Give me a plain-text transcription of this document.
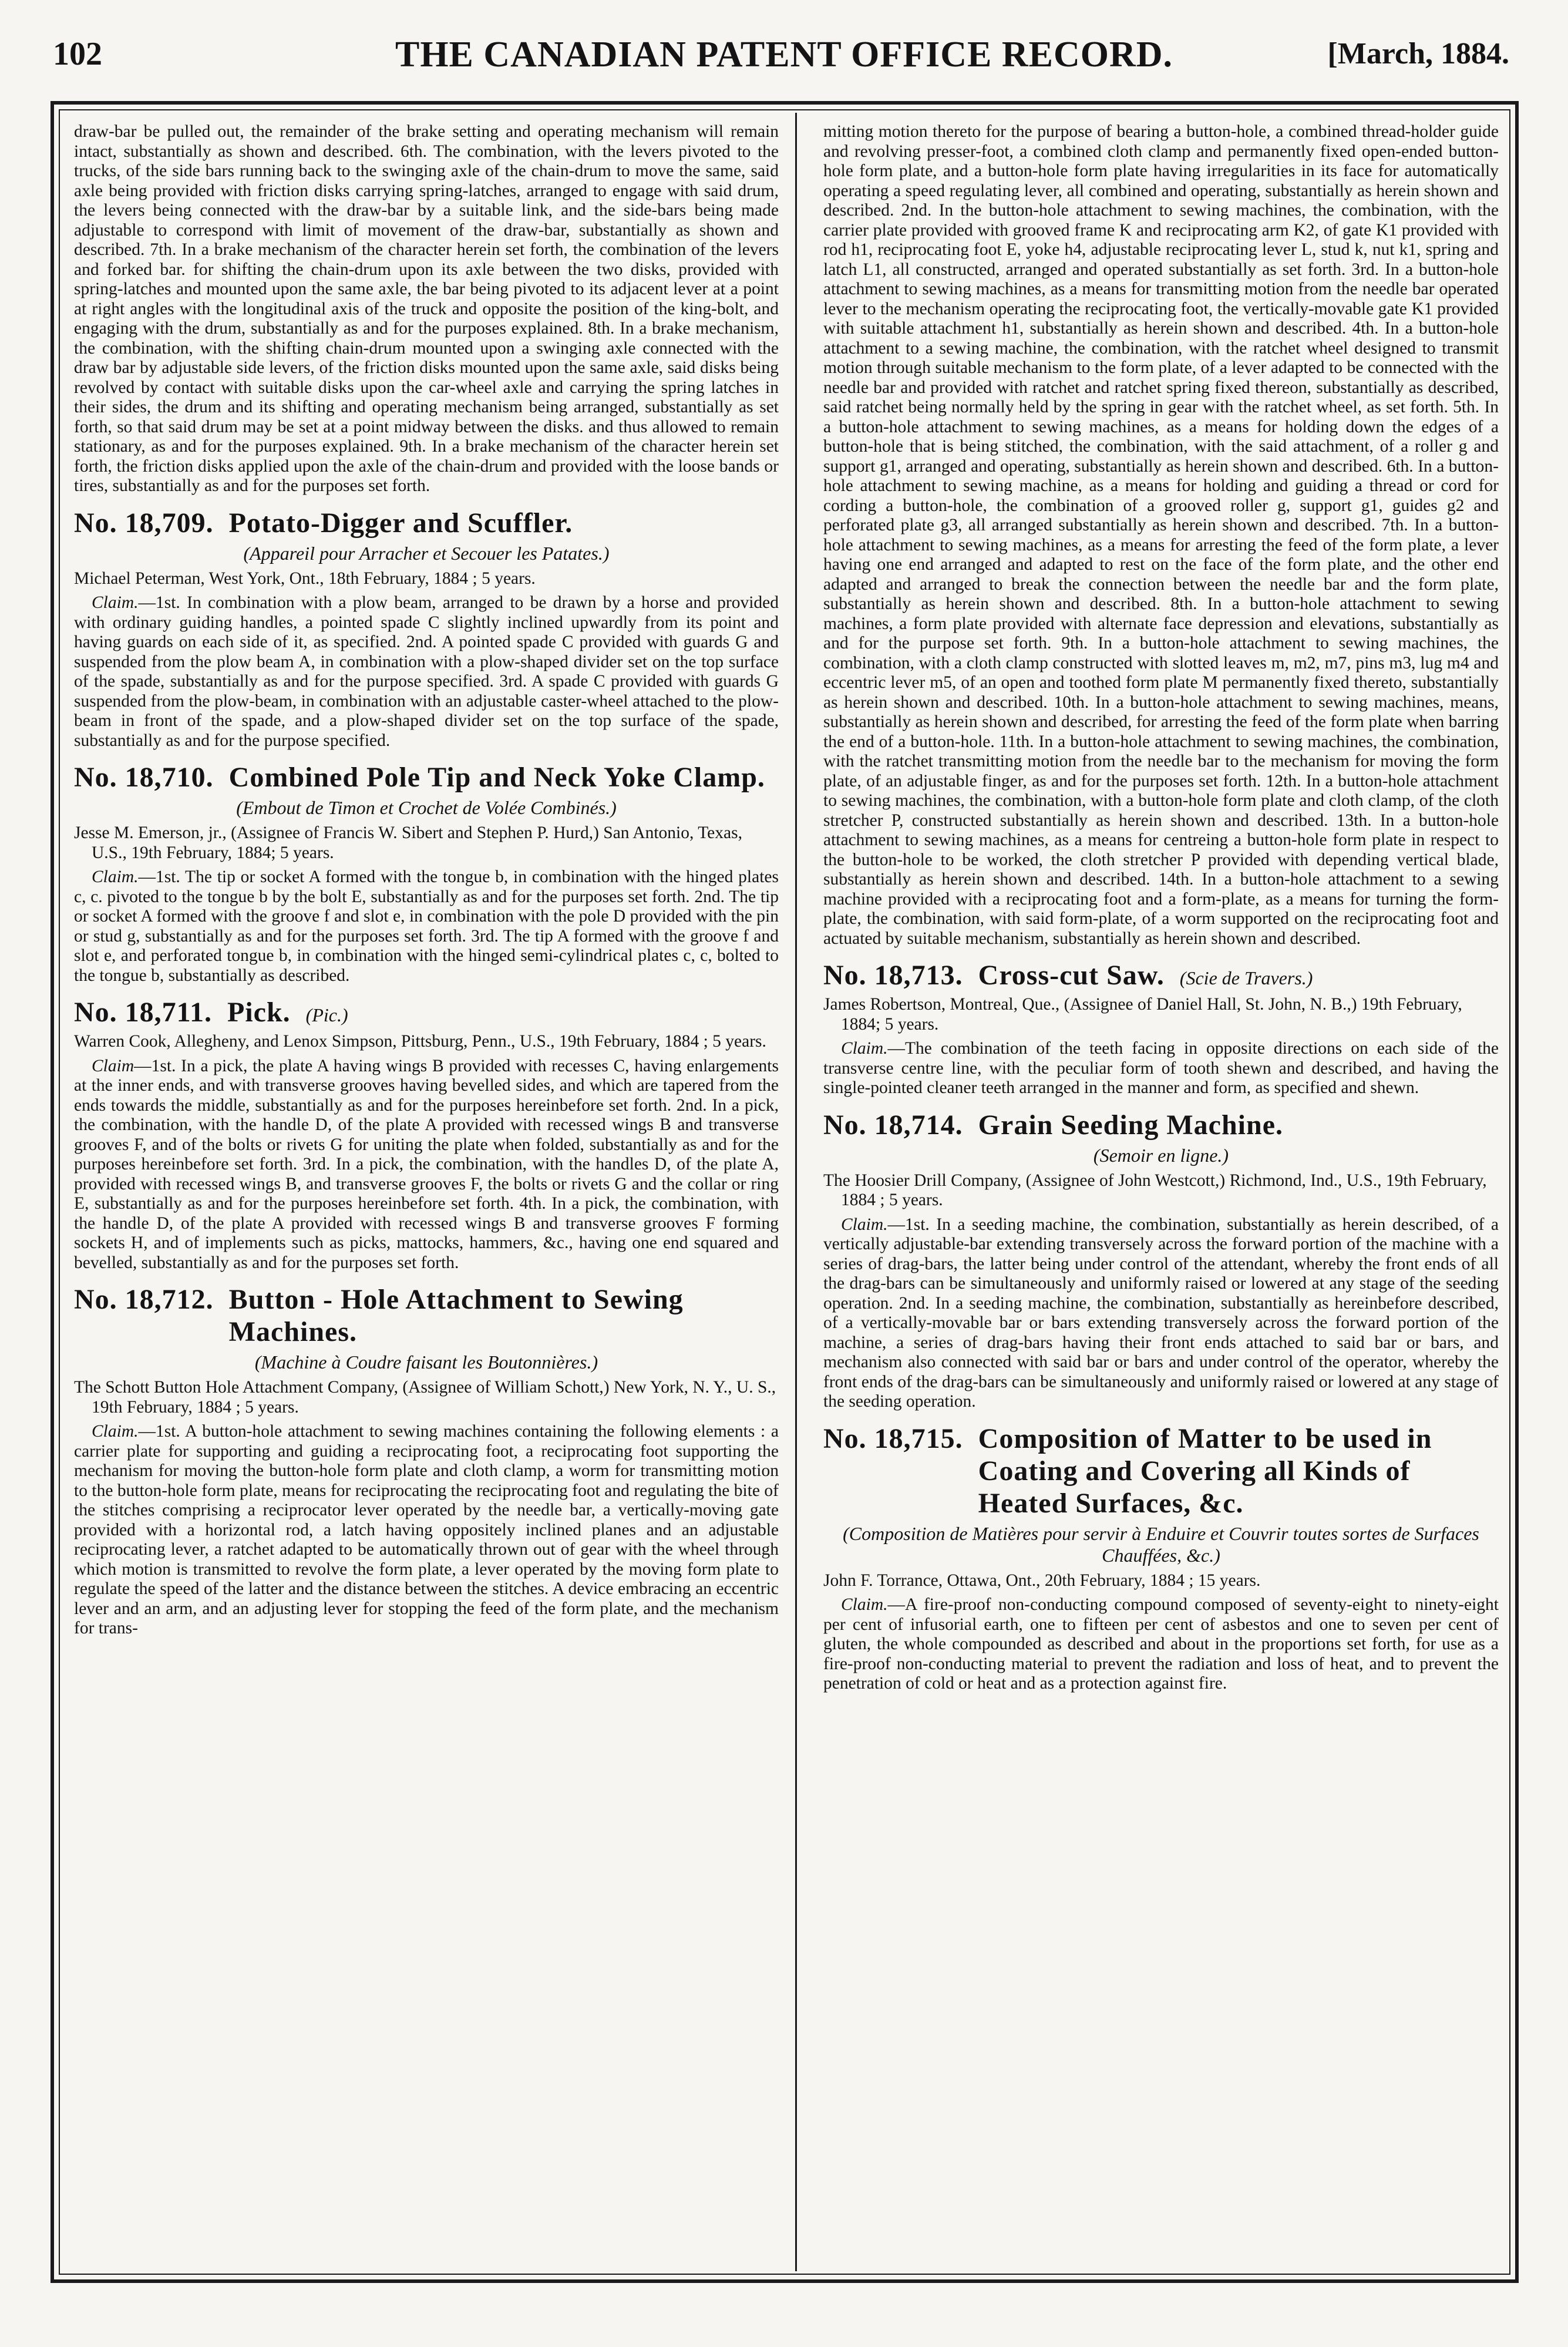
102	THE CANADIAN PATENT OFFICE RECORD.	[March, 1884.

draw-bar be pulled out, the remainder of the brake setting and operating mechanism will remain intact, substantially as shown and described. 6th. The combination, with the levers pivoted to the trucks, of the side bars running back to the swinging axle of the chain-drum to move the same, said axle being provided with friction disks carrying spring-latches, arranged to engage with said drum, the levers being connected with the draw-bar by a suitable link, and the side-bars being made adjustable to correspond with limit of movement of the draw-bar, substantially as shown and described. 7th. In a brake mechanism of the character herein set forth, the combination of the levers and forked bar. for shifting the chain-drum upon its axle between the two disks, provided with spring-latches and mounted upon the same axle, the bar being pivoted to its adjacent lever at a point at right angles with the longitudinal axis of the truck and opposite the position of the king-bolt, and engaging with the drum, substantially as and for the purposes explained. 8th. In a brake mechanism, the combination, with the shifting chain-drum mounted upon a swinging axle connected with the draw bar by adjustable side levers, of the friction disks mounted upon the same axle, said disks being revolved by contact with suitable disks upon the car-wheel axle and carrying the spring latches in their sides, the drum and its shifting and operating mechanism being arranged, substantially as set forth, so that said drum may be set at a point midway between the disks. and thus allowed to remain stationary, as and for the purposes explained. 9th. In a brake mechanism of the character herein set forth, the friction disks applied upon the axle of the chain-drum and provided with the loose bands or tires, substantially as and for the purposes set forth.

No. 18,709. Potato-Digger and Scuffler.
(Appareil pour Arracher et Secouer les Patates.)
Michael Peterman, West York, Ont., 18th February, 1884 ; 5 years.

Claim.—1st. In combination with a plow beam, arranged to be drawn by a horse and provided with ordinary guiding handles, a pointed spade C slightly inclined upwardly from its point and having guards on each side of it, as specified. 2nd. A pointed spade C provided with guards G and suspended from the plow beam A, in combination with a plow-shaped divider set on the top surface of the spade, substantially as and for the purpose specified. 3rd. A spade C provided with guards G suspended from the plow-beam, in combination with an adjustable caster-wheel attached to the plow-beam in front of the spade, and a plow-shaped divider set on the top surface of the spade, substantially as and for the purpose specified.

No. 18,710. Combined Pole Tip and Neck Yoke Clamp.
(Embout de Timon et Crochet de Volée Combinés.)
Jesse M. Emerson, jr., (Assignee of Francis W. Sibert and Stephen P. Hurd,) San Antonio, Texas, U.S., 19th February, 1884; 5 years.

Claim.—1st. The tip or socket A formed with the tongue b, in combination with the hinged plates c, c. pivoted to the tongue b by the bolt E, substantially as and for the purposes set forth. 2nd. The tip or socket A formed with the groove f and slot e, in combination with the pole D provided with the pin or stud g, substantially as and for the purposes set forth. 3rd. The tip A formed with the groove f and slot e, and perforated tongue b, in combination with the hinged semi-cylindrical plates c, c, bolted to the tongue b, substantially as described.

No. 18,711. Pick. (Pic.)
Warren Cook, Allegheny, and Lenox Simpson, Pittsburg, Penn., U.S., 19th February, 1884 ; 5 years.

Claim—1st. In a pick, the plate A having wings B provided with recesses C, having enlargements at the inner ends, and with transverse grooves having bevelled sides, and which are tapered from the ends towards the middle, substantially as and for the purposes hereinbefore set forth. 2nd. In a pick, the combination, with the handle D, of the plate A provided with recessed wings B and transverse grooves F, and of the bolts or rivets G for uniting the plate when folded, substantially as and for the purposes hereinbefore set forth. 3rd. In a pick, the combination, with the handles D, of the plate A, provided with recessed wings B, and transverse grooves F, the bolts or rivets G and the collar or ring E, substantially as and for the purposes hereinbefore set forth. 4th. In a pick, the combination, with the handle D, of the plate A provided with recessed wings B and transverse grooves F forming sockets H, and of implements such as picks, mattocks, hammers, &c., having one end squared and bevelled, substantially as and for the purposes set forth.

No. 18,712. Button - Hole Attachment to Sewing Machines.
(Machine à Coudre faisant les Boutonnières.)
The Schott Button Hole Attachment Company, (Assignee of William Schott,) New York, N. Y., U. S., 19th February, 1884 ; 5 years.

Claim.—1st. A button-hole attachment to sewing machines containing the following elements : a carrier plate for supporting and guiding a reciprocating foot, a reciprocating foot supporting the mechanism for moving the button-hole form plate and cloth clamp, a worm for transmitting motion to the button-hole form plate, means for reciprocating the reciprocating foot and regulating the bite of the stitches comprising a reciprocator lever operated by the needle bar, a vertically-moving gate provided with a horizontal rod, a latch having oppositely inclined planes and an adjustable reciprocating lever, a ratchet adapted to be automatically thrown out of gear with the wheel through which motion is transmitted to revolve the form plate, a lever operated by the moving form plate to regulate the speed of the latter and the distance between the stitches. A device embracing an eccentric lever and an arm, and an adjusting lever for stopping the feed of the form plate, and the mechanism for trans-

mitting motion thereto for the purpose of bearing a button-hole, a combined thread-holder guide and revolving presser-foot, a combined cloth clamp and permanently fixed open-ended button-hole form plate, and a button-hole form plate having irregularities in its face for automatically operating a speed regulating lever, all combined and operating, substantially as herein shown and described. 2nd. In the button-hole attachment to sewing machines, the combination, with the carrier plate provided with grooved frame K and reciprocating arm K2, of gate K1 provided with rod h1, reciprocating foot E, yoke h4, adjustable reciprocating lever L, stud k, nut k1, spring and latch L1, all constructed, arranged and operated substantially as set forth. 3rd. In a button-hole attachment to sewing machines, as a means for transmitting motion from the needle bar operated lever to the mechanism operating the reciprocating foot, the vertically-movable gate K1 provided with suitable attachment h1, substantially as herein shown and described. 4th. In a button-hole attachment to a sewing machine, the combination, with the ratchet wheel designed to transmit motion through suitable mechanism to the form plate, of a lever adapted to be connected with the needle bar and provided with ratchet and ratchet spring fixed thereon, substantially as described, said ratchet being normally held by the spring in gear with the ratchet wheel, as set forth. 5th. In a button-hole attachment to sewing machines, as a means for holding down the edges of a button-hole that is being stitched, the combination, with the said attachment, of a roller g and support g1, arranged and operating, substantially as herein shown and described. 6th. In a button-hole attachment to sewing machine, as a means for holding and guiding a thread or cord for cording a button-hole, the combination of a grooved roller g, support g1, guides g2 and perforated plate g3, all arranged substantially as herein shown and described. 7th. In a button-hole attachment to sewing machines, as a means for arresting the feed of the form plate, a lever having one end arranged and adapted to rest on the face of the form plate, and the other end adapted and arranged to break the connection between the needle bar and the form plate, substantially as herein shown and described. 8th. In a button-hole attachment to sewing machines, a form plate provided with alternate face depression and elevations, substantially as and for the purpose set forth. 9th. In a button-hole attachment to sewing machines, the combination, with a cloth clamp constructed with slotted leaves m, m2, m7, pins m3, lug m4 and eccentric lever m5, of an open and toothed form plate M permanently fixed thereto, substantially as herein shown and described. 10th. In a button-hole attachment to sewing machines, means, substantially as herein shown and described, for arresting the feed of the form plate when barring the end of a button-hole. 11th. In a button-hole attachment to sewing machines, the combination, with the ratchet transmitting motion from the needle bar to the mechanism for moving the form plate, of an adjustable finger, as and for the purposes set forth. 12th. In a button-hole attachment to sewing machines, the combination, with a button-hole form plate and cloth clamp, of the cloth stretcher P, constructed substantially as herein shown and described. 13th. In a button-hole attachment to sewing machines, as a means for centreing a button-hole form plate in respect to the button-hole to be worked, the cloth stretcher P provided with depending vertical blade, substantially as herein shown and described. 14th. In a button-hole attachment to a sewing machine provided with a reciprocating foot and a form-plate, as a means for turning the form-plate, the combination, with said form-plate, of a worm supported on the reciprocating foot and actuated by suitable mechanism, substantially as herein shown and described.

No. 18,713. Cross-cut Saw. (Scie de Travers.)
James Robertson, Montreal, Que., (Assignee of Daniel Hall, St. John, N. B.,) 19th February, 1884; 5 years.

Claim.—The combination of the teeth facing in opposite directions on each side of the transverse centre line, with the peculiar form of tooth shewn and described, and having the single-pointed cleaner teeth arranged in the manner and form, as specified and shewn.

No. 18,714. Grain Seeding Machine.
(Semoir en ligne.)
The Hoosier Drill Company, (Assignee of John Westcott,) Richmond, Ind., U.S., 19th February, 1884 ; 5 years.

Claim.—1st. In a seeding machine, the combination, substantially as herein described, of a vertically adjustable-bar extending transversely across the forward portion of the machine with a series of drag-bars, the latter being under control of the attendant, whereby the front ends of all the drag-bars can be simultaneously and uniformly raised or lowered at any stage of the seeding operation. 2nd. In a seeding machine, the combination, substantially as hereinbefore described, of a vertically-movable bar or bars extending transversely across the forward portion of the machine, a series of drag-bars having their front ends attached to said bar or bars, and mechanism also connected with said bar or bars and under control of the operator, whereby the front ends of the drag-bars can be simultaneously and uniformly raised or lowered at any stage of the seeding operation.

No. 18,715. Composition of Matter to be used in Coating and Covering all Kinds of Heated Surfaces, &c.
(Composition de Matières pour servir à Enduire et Couvrir toutes sortes de Surfaces Chauffées, &c.)
John F. Torrance, Ottawa, Ont., 20th February, 1884 ; 15 years.

Claim.—A fire-proof non-conducting compound composed of seventy-eight to ninety-eight per cent of infusorial earth, one to fifteen per cent of asbestos and one to seven per cent of gluten, the whole compounded as described and about in the proportions set forth, for use as a fire-proof non-conducting material to prevent the radiation and loss of heat, and to prevent the penetration of cold or heat and as a protection against fire.
